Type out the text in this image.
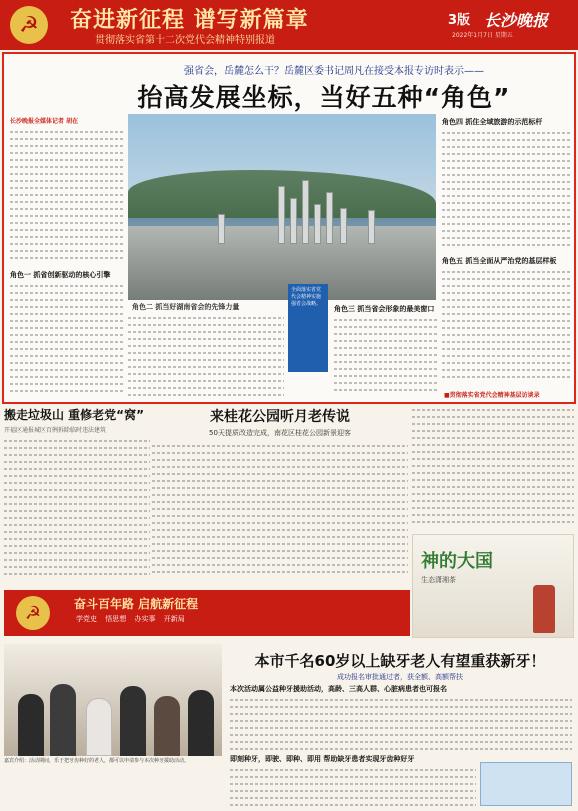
☭	奋进新征程 谱写新篇章
贯彻落实省第十二次党代会精神特别报道
3版 长沙晚报
2022年1月7日 星期五
强省会，岳麓怎么干？岳麓区委书记周凡在接受本报专访时表示——
抬高发展坐标，当好五种“角色”
长沙晚报全媒体记者 胡在
角色一 抓省创新驱动的核心引擎
角色二 抓当好湖南省会的先锋力量
全面落实省党代会精神实施强省会战略。
角色三 抓当省会形象的最美窗口
角色四 抓住全域旅游的示范标杆
角色五 抓当全面从严治党的基层样板
■贯彻落实省党代会精神基层访谈录
搬走垃圾山 重修老党“窝”
开福区通报城区百例拆除临时违法建筑
来桂花公园听月老传说
50天提质改造完成，南花区桂花公园新景迎客
神的大国
生态潇湘茶
☭	奋斗百年路 启航新征程
学党史 悟思想 办实事 开新局
嘉宾介绍：活动期间，乐于把牙齿种好的老人，都可以申请参与本次种牙援助活动。
本市千名60岁以上缺牙老人有望重获新牙！
成功报名审批通过者，获全额、高额帮扶
本次活动属公益种牙援助活动，高龄、三高人群、心脏病患者也可报名
即刻种牙，即驶、即种、即用 帮助缺牙患者实现牙齿种好牙
